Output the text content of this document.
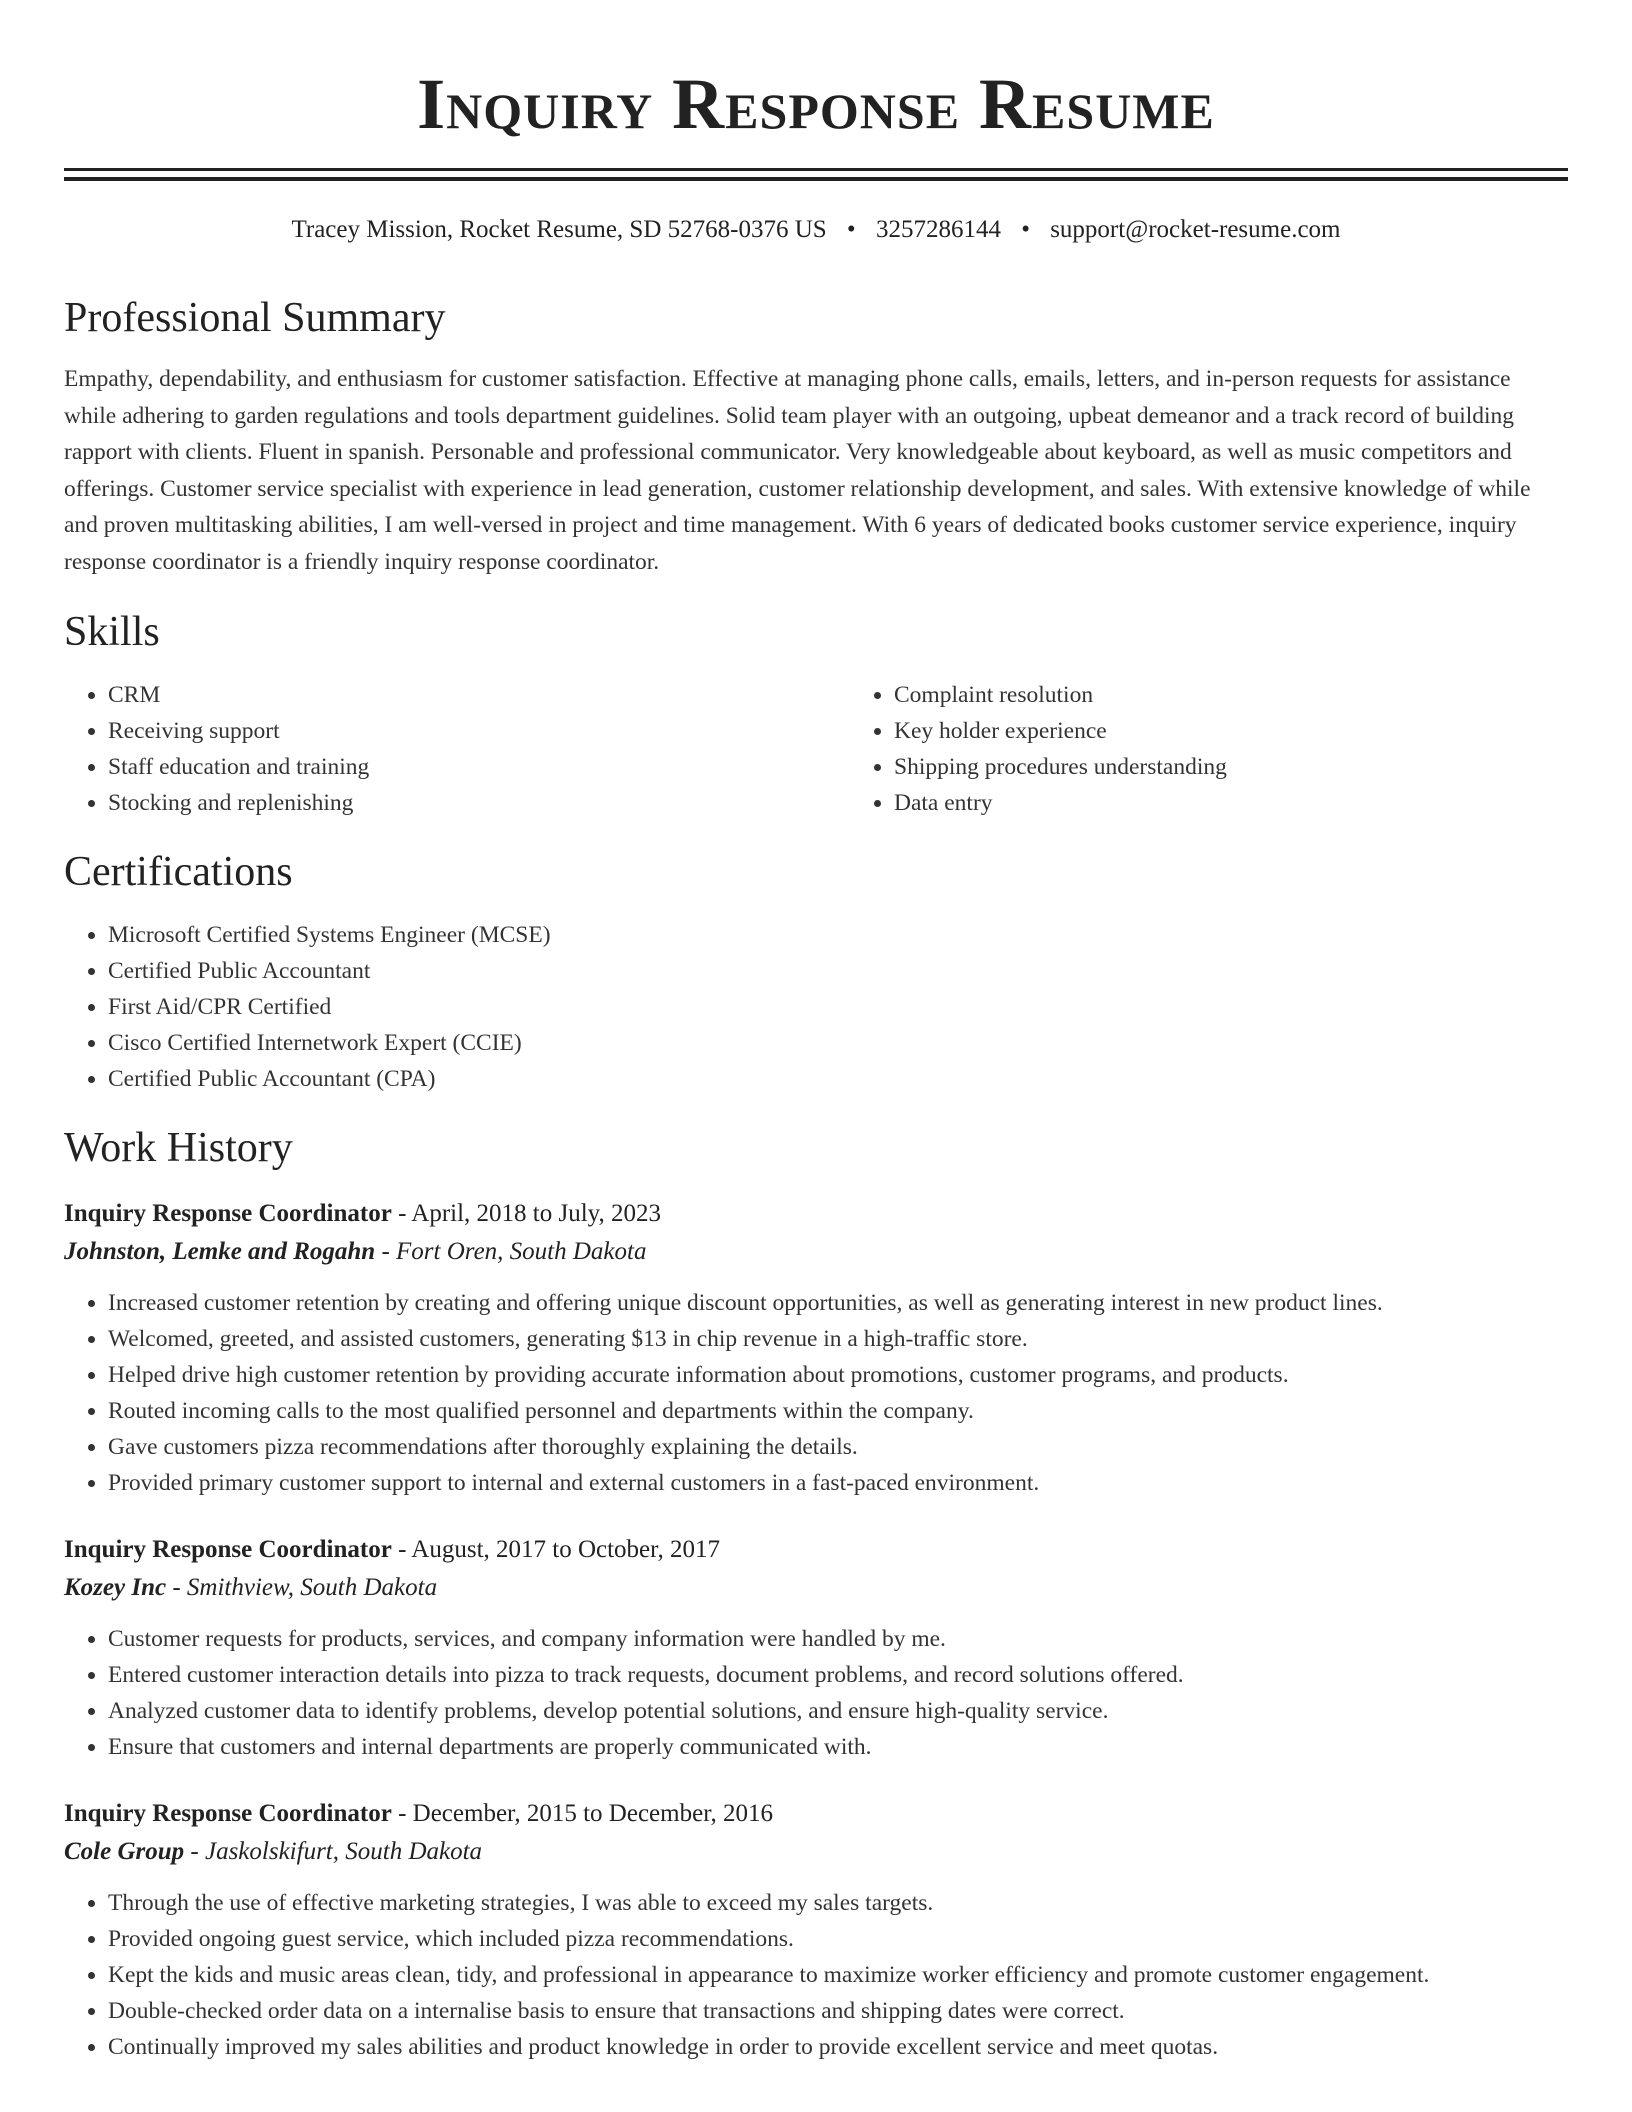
Inquiry Response Resume
Tracey Mission, Rocket Resume, SD 52768-0376 US • 3257286144 • support@rocket-resume.com
Professional Summary

Empathy, dependability, and enthusiasm for customer satisfaction. Effective at managing phone calls, emails, letters, and in-person requests for assistance while adhering to garden regulations and tools department guidelines. Solid team player with an outgoing, upbeat demeanor and a track record of building rapport with clients. Fluent in spanish. Personable and professional communicator. Very knowledgeable about keyboard, as well as music competitors and offerings. Customer service specialist with experience in lead generation, customer relationship development, and sales. With extensive knowledge of while and proven multitasking abilities, I am well-versed in project and time management. With 6 years of dedicated books customer service experience, inquiry response coordinator is a friendly inquiry response coordinator.

Skills
• CRM
• Receiving support
• Staff education and training
• Stocking and replenishing
• Complaint resolution
• Key holder experience
• Shipping procedures understanding
• Data entry
Certifications
• Microsoft Certified Systems Engineer (MCSE)
• Certified Public Accountant
• First Aid/CPR Certified
• Cisco Certified Internetwork Expert (CCIE)
• Certified Public Accountant (CPA)
Work History
Inquiry Response Coordinator - April, 2018 to July, 2023
Johnston, Lemke and Rogahn - Fort Oren, South Dakota
• Increased customer retention by creating and offering unique discount opportunities, as well as generating interest in new product lines.
• Welcomed, greeted, and assisted customers, generating $13 in chip revenue in a high-traffic store.
• Helped drive high customer retention by providing accurate information about promotions, customer programs, and products.
• Routed incoming calls to the most qualified personnel and departments within the company.
• Gave customers pizza recommendations after thoroughly explaining the details.
• Provided primary customer support to internal and external customers in a fast-paced environment.
Inquiry Response Coordinator - August, 2017 to October, 2017
Kozey Inc - Smithview, South Dakota
• Customer requests for products, services, and company information were handled by me.
• Entered customer interaction details into pizza to track requests, document problems, and record solutions offered.
• Analyzed customer data to identify problems, develop potential solutions, and ensure high-quality service.
• Ensure that customers and internal departments are properly communicated with.
Inquiry Response Coordinator - December, 2015 to December, 2016
Cole Group - Jaskolskifurt, South Dakota
• Through the use of effective marketing strategies, I was able to exceed my sales targets.
• Provided ongoing guest service, which included pizza recommendations.
• Kept the kids and music areas clean, tidy, and professional in appearance to maximize worker efficiency and promote customer engagement.
• Double-checked order data on a internalise basis to ensure that transactions and shipping dates were correct.
• Continually improved my sales abilities and product knowledge in order to provide excellent service and meet quotas.
